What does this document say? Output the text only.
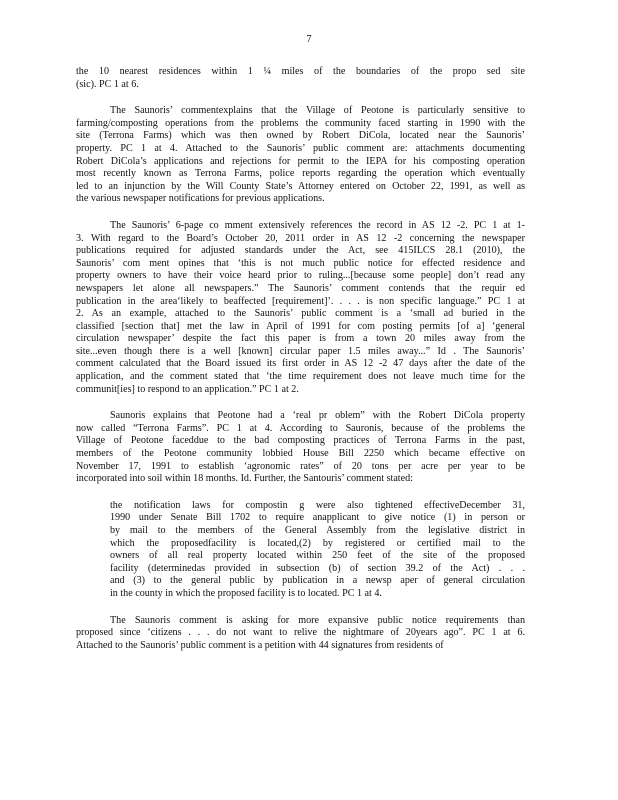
7
the 10 nearest residences within 1 ¼ miles of the boundaries of the propo sed site
(sic). PC 1 at 6.
The Saunoris’ commentexplains that the Village of Peotone is particularly sensitive to
farming/composting operations from the problems the community faced starting in 1990 with the
site (Terrona Farms) which was then owned by Robert DiCola, located near the Saunoris’
property. PC 1 at 4. Attached to the Saunoris’ public comment are: attachments documenting
Robert DiCola’s applications and rejections for permit to the IEPA for his composting operation
most recently known as Terrona Farms, police reports regarding the operation which eventually
led to an injunction by the Will County State’s Attorney entered on October 22, 1991, as well as
the various newspaper notifications for previous applications.
The Saunoris’ 6-page co mment extensively references the record in AS 12 -2. PC 1 at 1-
3. With regard to the Board’s October 20, 2011 order in AS 12 -2 concerning the newspaper
publications required for adjusted standards under the Act, see 415ILCS 28.1 (2010), the
Saunoris’ com ment opines that ‘this is not much public notice for effected residence and
property owners to have their voice heard prior to ruling...[because some people] don’t read any
newspapers let alone all newspapers.” The Saunoris’ comment contends that the requir ed
publication in the area‘likely to beaffected [requirement]’. . . . is non specific language.” PC 1 at
2. As an example, attached to the Saunoris’ public comment is a ‘small ad buried in the
classified [section that] met the law in April of 1991 for com posting permits [of a] ‘general
circulation newspaper’ despite the fact this paper is from a town 20 miles away from the
site...even though there is a well [known] circular paper 1.5 miles away...” Id . The Saunoris’
comment calculated that the Board issued its first order in AS 12 -2 47 days after the date of the
application, and the comment stated that ‘the time requirement does not leave much time for the
communit[ies] to respond to an application.” PC 1 at 2.
Saunoris explains that Peotone had a ‘real pr oblem” with the Robert DiCola property
now called “Terrona Farms”. PC 1 at 4. According to Sauronis, because of the problems the
Village of Peotone faceddue to the bad composting practices of Terrona Farms in the past,
members of the Peotone community lobbied House Bill 2250 which became effective on
November 17, 1991 to establish ‘agronomic rates” of 20 tons per acre per year to be
incorporated into soil within 18 months. Id. Further, the Santouris’ comment stated:
the notification laws for compostin g were also tightened effectiveDecember 31,
1990 under Senate Bill 1702 to require anapplicant to give notice (1) in person or
by mail to the members of the General Assembly from the legislative district in
which the proposedfacility is located,(2) by registered or certified mail to the
owners of all real property located within 250 feet of the site of the proposed
facility (determinedas provided in subsection (b) of section 39.2 of the Act) . . .
and (3) to the general public by publication in a newsp aper of general circulation
in the county in which the proposed facility is to located. PC 1 at 4.
The Saunoris comment is asking for more expansive public notice requirements than
proposed since ‘citizens . . . do not want to relive the nightmare of 20years ago”. PC 1 at 6.
Attached to the Saunoris’ public comment is a petition with 44 signatures from residents of
